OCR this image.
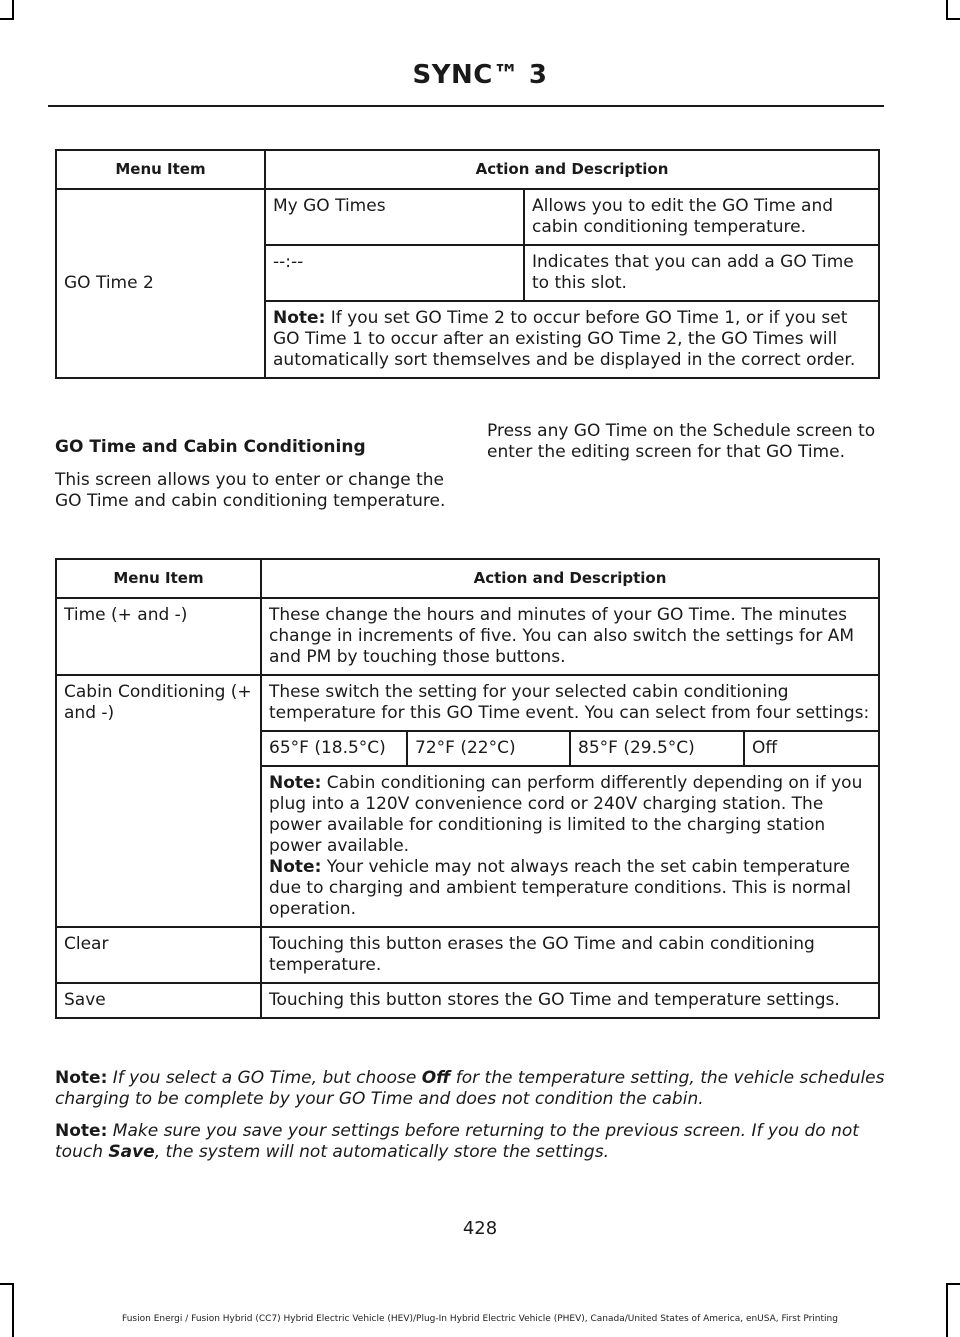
SYNC™ 3
Menu Item	Action and Description	
GO Time 2	My GO Times	Allows you to edit the GO Time and cabin conditioning temperature.
	--:--	Indicates that you can add a GO Time to this slot.
	Note: If you set GO Time 2 to occur before GO Time 1, or if you set GO Time 1 to occur after an existing GO Time 2, the GO Times will automatically sort themselves and be displayed in the correct order.	
GO Time and Cabin Conditioning

This screen allows you to enter or change the GO Time and cabin conditioning temperature.

Press any GO Time on the Schedule screen to enter the editing screen for that GO Time.

Menu Item	Action and Description			
Time (+ and -)	These change the hours and minutes of your GO Time. The minutes change in increments of five. You can also switch the settings for AM and PM by touching those buttons.			
Cabin Conditioning (+ and -)	These switch the setting for your selected cabin conditioning temperature for this GO Time event. You can select from four settings:			
	65°F (18.5°C)	72°F (22°C)	85°F (29.5°C)	Off
	Note: Cabin conditioning can perform differently depending on if you plug into a 120V convenience cord or 240V charging station. The power available for conditioning is limited to the charging station power available.
Note: Your vehicle may not always reach the set cabin temperature due to charging and ambient temperature conditions. This is normal operation.			
Clear	Touching this button erases the GO Time and cabin conditioning temperature.			
Save	Touching this button stores the GO Time and temperature settings.			
Note: If you select a GO Time, but choose Off for the temperature setting, the vehicle schedules charging to be complete by your GO Time and does not condition the cabin.
Note: Make sure you save your settings before returning to the previous screen. If you do not touch Save, the system will not automatically store the settings.
428
Fusion Energi / Fusion Hybrid (CC7) Hybrid Electric Vehicle (HEV)/Plug-In Hybrid Electric Vehicle (PHEV), Canada/United States of America, enUSA, First Printing
